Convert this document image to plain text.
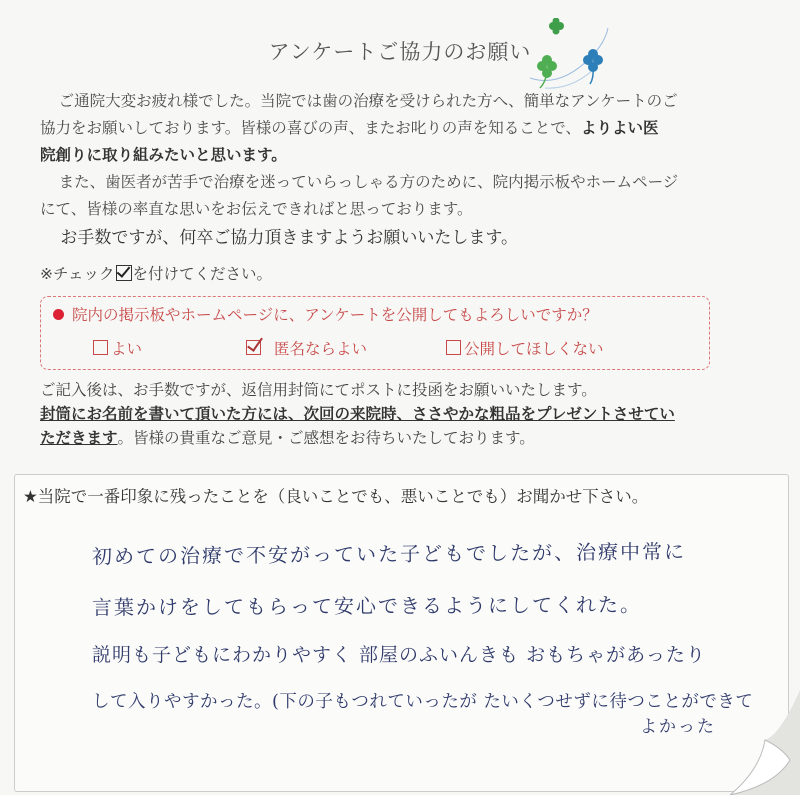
アンケートご協力のお願い

ご通院大変お疲れ様でした。当院では歯の治療を受けられた方へ、簡単なアンケートのご

協力をお願いしております。皆様の喜びの声、またお叱りの声を知ることで、よりよい医

院創りに取り組みたいと思います。

また、歯医者が苦手で治療を迷っていらっしゃる方のために、院内掲示板やホームページ

にて、皆様の率直な思いをお伝えできればと思っております。

お手数ですが、何卒ご協力頂きますようお願いいたします。

※チェック を付けてください。
院内の掲示板やホームページに、アンケートを公開してもよろしいですか？
よい	匿名ならよい	公開してほしくない

ご記入後は、お手数ですが、返信用封筒にてポストに投函をお願いいたします。

封筒にお名前を書いて頂いた方には、次回の来院時、ささやかな粗品をプレゼントさせてい

ただきます。皆様の貴重なご意見・ご感想をお待ちいたしております。

★当院で一番印象に残ったことを（良いことでも、悪いことでも）お聞かせ下さい。
初めての治療で不安がっていた子どもでしたが、治療中常に
言葉かけをしてもらって安心できるようにしてくれた。
説明も子どもにわかりやすく 部屋のふいんきも おもちゃがあったり
して入りやすかった。(下の子もつれていったが たいくつせずに待つことができて
よかった
